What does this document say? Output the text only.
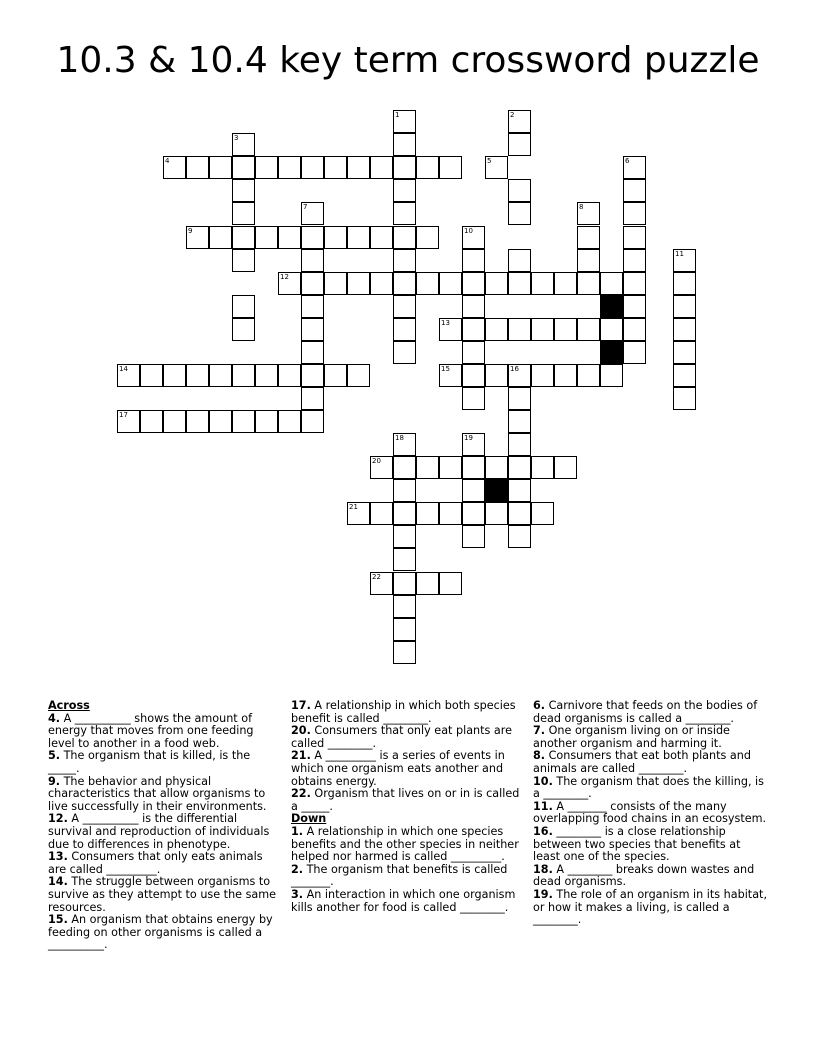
10.3 & 10.4 key term crossword puzzle
4
9
12
13
14
17
15	16
20
21
22
1	2
3
7	8
10
11
18	19
5	6
Across
4. A __________ shows the amount of energy that moves from one feeding level to another in a food web.
5. The organism that is killed, is the _____.
9. The behavior and physical characteristics that allow organisms to live successfully in their environments.
12. A __________ is the differential survival and reproduction of individuals due to differences in phenotype.
13. Consumers that only eats animals are called _________.
14. The struggle between organisms to survive as they attempt to use the same resources.
15. An organism that obtains energy by feeding on other organisms is called a __________.
17. A relationship in which both species benefit is called ________.
20. Consumers that only eat plants are called ________.
21. A _________ is a series of events in which one organism eats another and obtains energy.
22. Organism that lives on or in is called a _____.
Down
1. A relationship in which one species benefits and the other species in neither helped nor harmed is called _________.
2. The organism that benefits is called _______.
3. An interaction in which one organism kills another for food is called ________.
6. Carnivore that feeds on the bodies of dead organisms is called a ________.
7. One organism living on or inside another organism and harming it.
8. Consumers that eat both plants and animals are called ________.
10. The organism that does the killing, is a ________.
11. A _______ consists of the many overlapping food chains in an ecosystem.
16. ________ is a close relationship between two species that benefits at least one of the species.
18. A ________ breaks down wastes and dead organisms.
19. The role of an organism in its habitat, or how it makes a living, is called a ________.
